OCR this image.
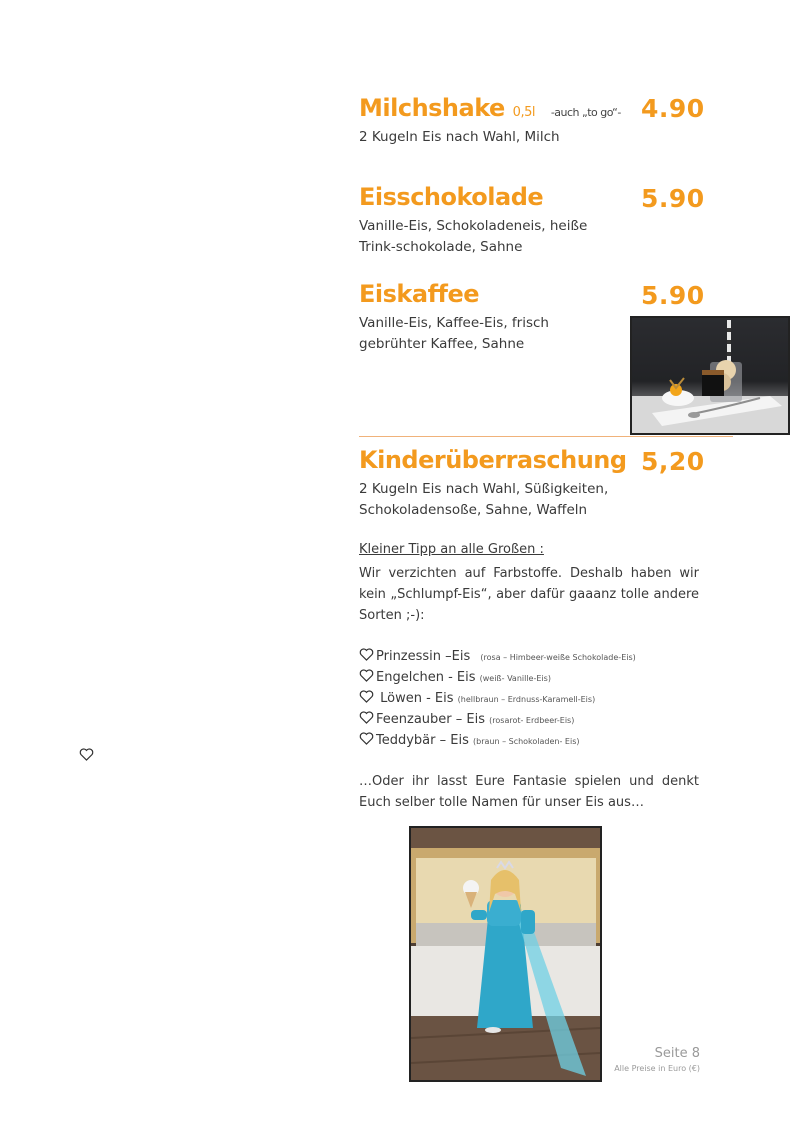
Milchshake 0,5l -auch „to go“- 4.90
2 Kugeln Eis nach Wahl, Milch
Eisschokolade	5.90
Vanille-Eis, Schokoladeneis, heiße Trink-schokolade, Sahne
Eiskaffee	5.90
Vanille-Eis, Kaffee-Eis, frisch gebrühter Kaffee, Sahne
Kinderüberraschung 5,20
2 Kugeln Eis nach Wahl, Süßigkeiten, Schokoladensoße, Sahne, Waffeln
Kleiner Tipp an alle Großen :
Wir verzichten auf Farbstoffe. Deshalb haben wir kein „Schlumpf-Eis“, aber dafür gaaanz tolle andere Sorten ;-):
Prinzessin –Eis (rosa – Himbeer-weiße Schokolade-Eis)
Engelchen - Eis (weiß- Vanille-Eis)
Löwen - Eis (hellbraun – Erdnuss-Karamell-Eis)
Feenzauber – Eis (rosarot- Erdbeer-Eis)
Teddybär – Eis (braun – Schokoladen- Eis)
…Oder ihr lasst Eure Fantasie spielen und denkt Euch selber tolle Namen für unser Eis aus…
Seite 8
Alle Preise in Euro (€)
